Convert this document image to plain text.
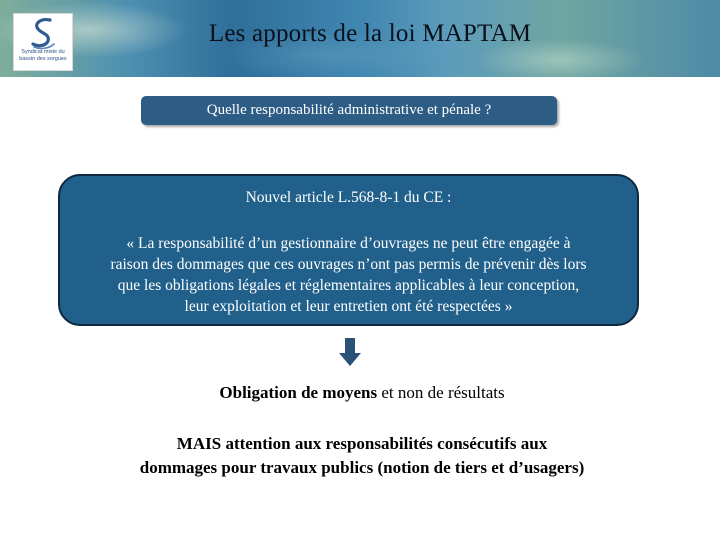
Syndicat mixte du
bassin des sorgues
Les apports de la loi MAPTAM
Quelle responsabilité administrative et pénale ?
Nouvel article L.568-8-1 du CE :
« La responsabilité d’un gestionnaire d’ouvrages ne peut être engagée à
raison des dommages que ces ouvrages n’ont pas permis de prévenir dès lors
que les obligations légales et réglementaires applicables à leur conception,
leur exploitation et leur entretien ont été respectées »
Obligation de moyens et non de résultats
MAIS attention aux responsabilités consécutifs aux
dommages pour travaux publics (notion de tiers et d’usagers)
